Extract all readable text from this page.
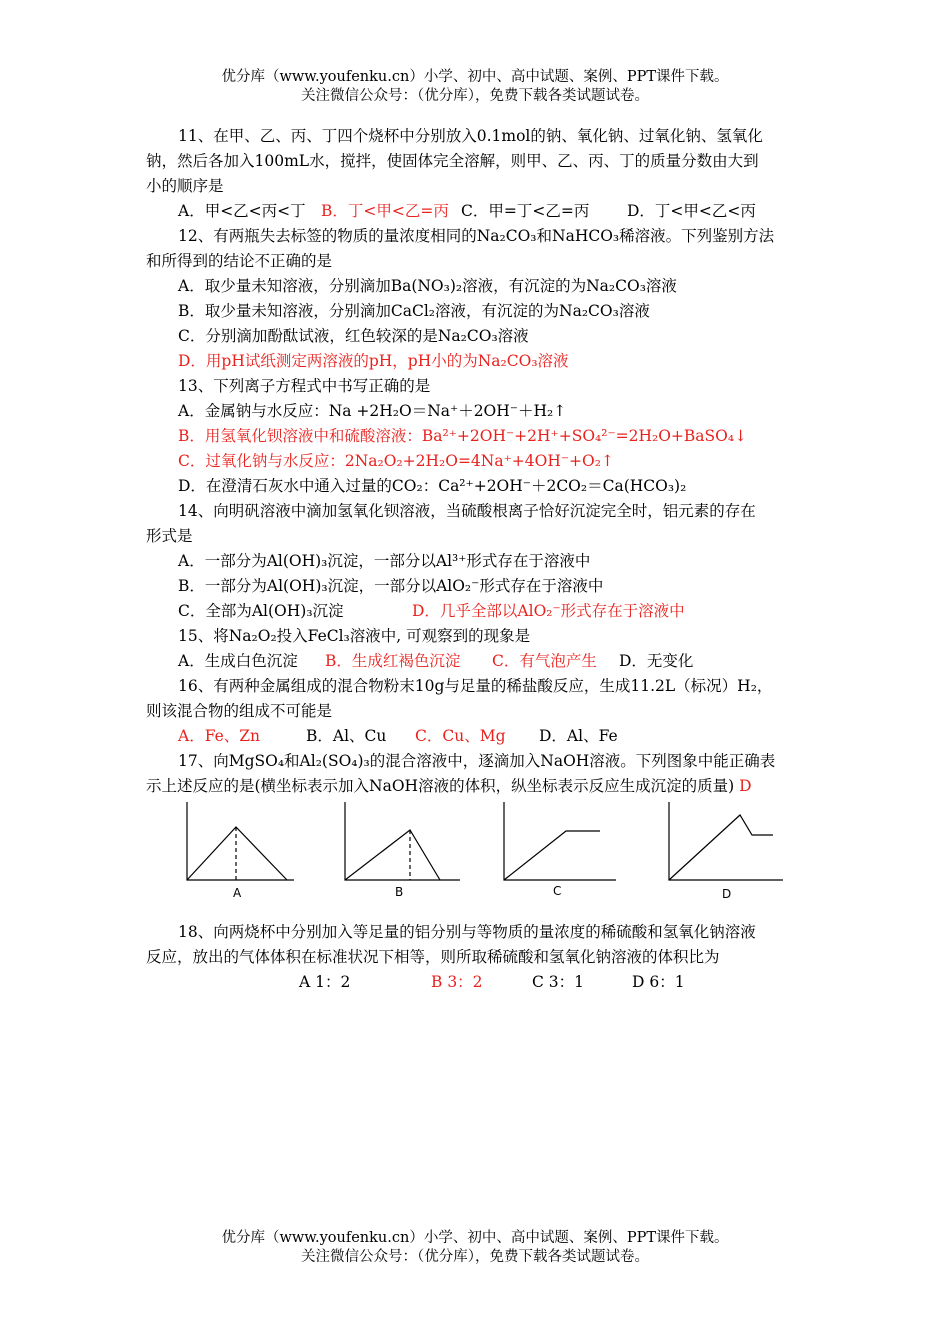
优分库（www.youfenku.cn）小学、初中、高中试题、案例、PPT课件下载。
关注微信公众号：（优分库），免费下载各类试题试卷。
11、在甲、乙、丙、丁四个烧杯中分别放入0.1mol的钠、氧化钠、过氧化钠、氢氧化
钠，然后各加入100mL水，搅拌，使固体完全溶解，则甲、乙、丙、丁的质量分数由大到
小的顺序是
A．甲<乙<丙<丁 B．丁<甲<乙=丙 C．甲=丁<乙=丙 D．丁<甲<乙<丙
12、有两瓶失去标签的物质的量浓度相同的Na₂CO₃和NaHCO₃稀溶液。下列鉴别方法
和所得到的结论不正确的是
A．取少量未知溶液，分别滴加Ba(NO₃)₂溶液，有沉淀的为Na₂CO₃溶液
B．取少量未知溶液，分别滴加CaCl₂溶液，有沉淀的为Na₂CO₃溶液
C．分别滴加酚酞试液，红色较深的是Na₂CO₃溶液
D．用pH试纸测定两溶液的pH，pH小的为Na₂CO₃溶液
13、下列离子方程式中书写正确的是
A．金属钠与水反应：Na +2H₂O＝Na⁺＋2OH⁻＋H₂↑
B．用氢氧化钡溶液中和硫酸溶液：Ba²⁺+2OH⁻+2H⁺+SO₄²⁻=2H₂O+BaSO₄↓
C．过氧化钠与水反应：2Na₂O₂+2H₂O=4Na⁺+4OH⁻+O₂↑
D．在澄清石灰水中通入过量的CO₂：Ca²⁺+2OH⁻＋2CO₂＝Ca(HCO₃)₂
14、向明矾溶液中滴加氢氧化钡溶液，当硫酸根离子恰好沉淀完全时，铝元素的存在
形式是
A．一部分为Al(OH)₃沉淀，一部分以Al³⁺形式存在于溶液中
B．一部分为Al(OH)₃沉淀，一部分以AlO₂⁻形式存在于溶液中
C．全部为Al(OH)₃沉淀	D．几乎全部以AlO₂⁻形式存在于溶液中
15、将Na₂O₂投入FeCl₃溶液中, 可观察到的现象是
A．生成白色沉淀 B．生成红褐色沉淀 C．有气泡产生 D．无变化
16、有两种金属组成的混合物粉末10g与足量的稀盐酸反应，生成11.2L（标况）H₂，
则该混合物的组成不可能是
A．Fe、Zn	B．Al、Cu C．Cu、Mg D．Al、Fe
17、向MgSO₄和Al₂(SO₄)₃的混合溶液中，逐滴加入NaOH溶液。下列图象中能正确表
示上述反应的是(横坐标表示加入NaOH溶液的体积，纵坐标表示反应生成沉淀的质量) D
A	B	C	D
18、向两烧杯中分别加入等足量的铝分别与等物质的量浓度的稀硫酸和氢氧化钠溶液
反应，放出的气体体积在标准状况下相等，则所取稀硫酸和氢氧化钠溶液的体积比为
A 1：2	B 3：2	C 3：1	D 6：1
优分库（www.youfenku.cn）小学、初中、高中试题、案例、PPT课件下载。
关注微信公众号：（优分库），免费下载各类试题试卷。
